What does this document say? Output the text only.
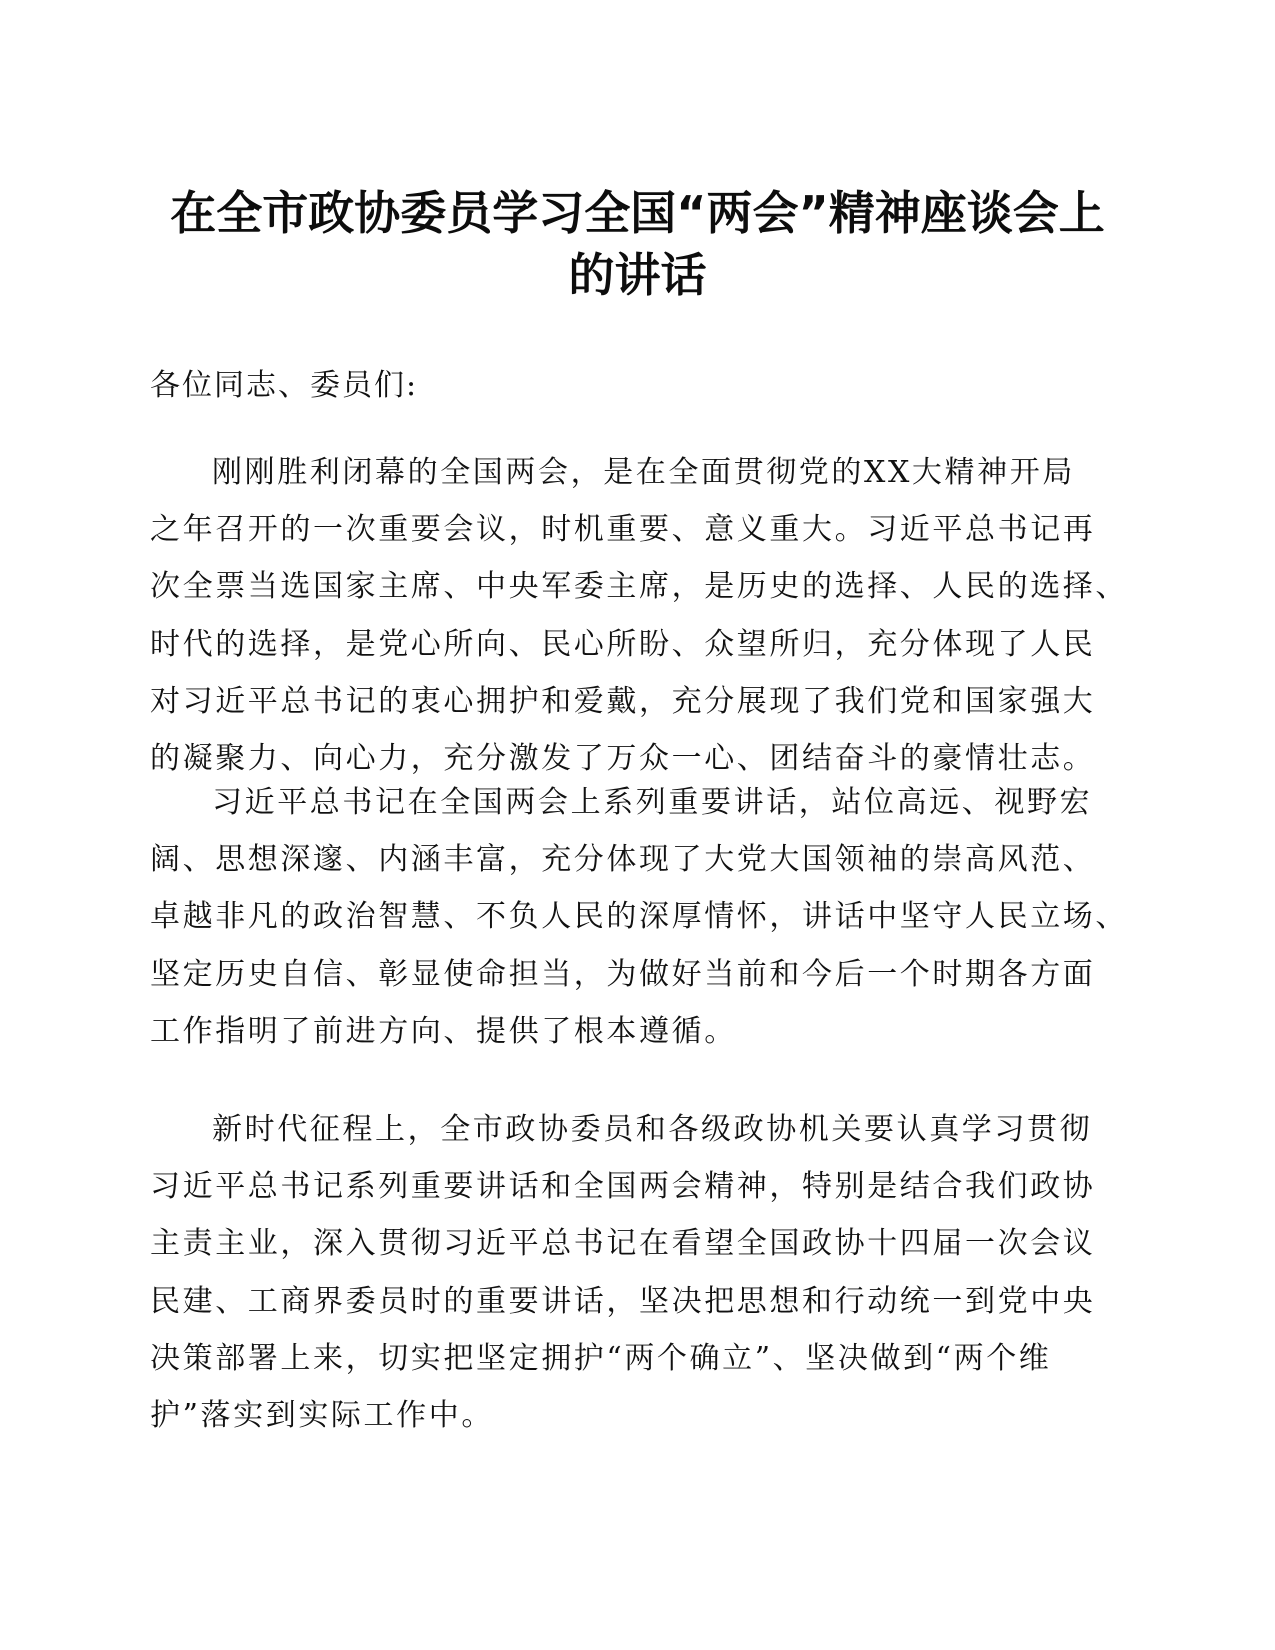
在全市政协委员学习全国“两会”精神座谈会上
的讲话

各位同志、委员们:

刚刚胜利闭幕的全国两会，是在全面贯彻党的XX大精神开局
之年召开的一次重要会议，时机重要、意义重大。习近平总书记再
次全票当选国家主席、中央军委主席，是历史的选择、人民的选择、
时代的选择，是党心所向、民心所盼、众望所归，充分体现了人民
对习近平总书记的衷心拥护和爱戴，充分展现了我们党和国家强大
的凝聚力、向心力，充分激发了万众一心、团结奋斗的豪情壮志。

习近平总书记在全国两会上系列重要讲话，站位高远、视野宏
阔、思想深邃、内涵丰富，充分体现了大党大国领袖的崇高风范、
卓越非凡的政治智慧、不负人民的深厚情怀，讲话中坚守人民立场、
坚定历史自信、彰显使命担当，为做好当前和今后一个时期各方面
工作指明了前进方向、提供了根本遵循。

新时代征程上，全市政协委员和各级政协机关要认真学习贯彻
习近平总书记系列重要讲话和全国两会精神，特别是结合我们政协
主责主业，深入贯彻习近平总书记在看望全国政协十四届一次会议
民建、工商界委员时的重要讲话，坚决把思想和行动统一到党中央
决策部署上来，切实把坚定拥护“两个确立”、坚决做到“两个维
护”落实到实际工作中。
